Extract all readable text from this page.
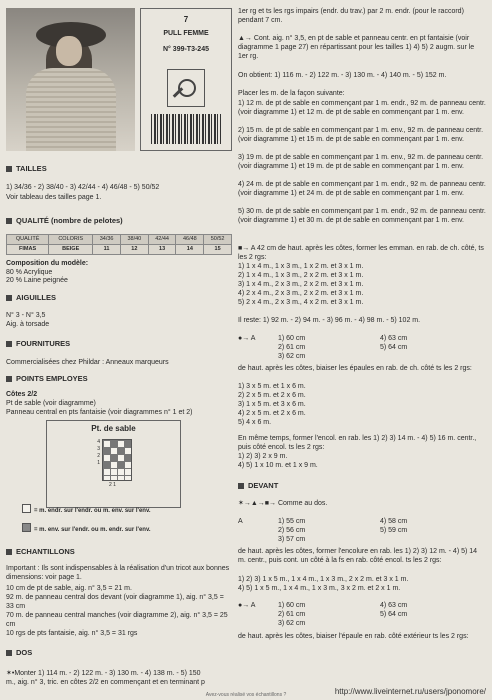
7
PULL FEMME
N° 399-T3-245
TAILLES
1) 34/36 - 2) 38/40 - 3) 42/44 - 4) 46/48 - 5) 50/52
Voir tableau des tailles page 1.
QUALITÉ (nombre de pelotes)
QUALITÉ	COLORIS	34/36	38/40	42/44	46/48	50/52
FIMAS	BEIGE	11	12	13	14	15
Composition du modèle:
80 % Acrylique
20 % Laine peignée
AIGUILLES
N° 3 - N° 3,5
Aig. à torsade
FOURNITURES
Commercialisées chez Phildar : Anneaux marqueurs
POINTS EMPLOYES
Côtes 2/2
Pt de sable (voir diagramme)
Panneau central en pts fantaisie (voir diagrammes n° 1 et 2)
Pt. de sable
4
3
2
1
2 1
= m. endr. sur l'endr. ou m. env. sur l'env.
= m. env. sur l'endr. ou m. endr. sur l'env.
ECHANTILLONS
Important : Ils sont indispensables à la réalisation d'un tricot aux bonnes dimensions: voir page 1.
10 cm de pt de sable, aig. n° 3,5 = 21 m.
92 m. de panneau central dos devant (voir diagramme 1), aig. n° 3,5 = 33 cm
70 m. de panneau central manches (voir diagramme 2), aig. n° 3,5 = 25 cm
10 rgs de pts fantaisie, aig. n° 3,5 = 31 rgs
DOS
✶•Monter 1) 114 m. - 2) 122 m. - 3) 130 m. - 4) 138 m. - 5) 150
m., aig. n° 3, tric. en côtes 2/2 en commençant et en terminant p
1er rg et ts les rgs impairs (endr. du trav.) par 2 m. endr. (pour le raccord) pendant 7 cm.
▲→ Cont. aig. n° 3,5, en pt de sable et panneau centr. en pt fantaisie (voir diagramme 1 page 27) en répartissant pour les tailles 1) 4) 5) 2 augm. sur le 1er rg.
On obtient: 1) 116 m. - 2) 122 m. - 3) 130 m. - 4) 140 m. - 5) 152 m.
Placer les m. de la façon suivante:
1) 12 m. de pt de sable en commençant par 1 m. endr., 92 m. de panneau centr. (voir diagramme 1) et 12 m. de pt de sable en commençant par 1 m. env.
2) 15 m. de pt de sable en commençant par 1 m. env., 92 m. de panneau centr. (voir diagramme 1) et 15 m. de pt de sable en commençant par 1 m. env.
3) 19 m. de pt de sable en commençant par 1 m. env., 92 m. de panneau centr. (voir diagramme 1) et 19 m. de pt de sable en commençant par 1 m. env.
4) 24 m. de pt de sable en commençant par 1 m. endr., 92 m. de panneau centr. (voir diagramme 1) et 24 m. de pt de sable en commençant par 1 m. env.
5) 30 m. de pt de sable en commençant par 1 m. endr., 92 m. de panneau centr. (voir diagramme 1) et 30 m. de pt de sable en commençant par 1 m. env.
■→ A 42 cm de haut. après les côtes, former les emman. en rab. de ch. côté, ts les 2 rgs:
1) 1 x 4 m., 1 x 3 m., 1 x 2 m. et 3 x 1 m.
2) 1 x 4 m., 1 x 3 m., 2 x 2 m. et 3 x 1 m.
3) 1 x 4 m., 2 x 3 m., 2 x 2 m. et 3 x 1 m.
4) 2 x 4 m., 2 x 3 m., 2 x 2 m. et 3 x 1 m.
5) 2 x 4 m., 2 x 3 m., 4 x 2 m. et 3 x 1 m.
Il reste: 1) 92 m. - 2) 94 m. - 3) 96 m. - 4) 98 m. - 5) 102 m.
●→ A	1) 60 cm
2) 61 cm
3) 62 cm
4) 63 cm
5) 64 cm
de haut. après les côtes, biaiser les épaules en rab. de ch. côté ts les 2 rgs:
1) 3 x 5 m. et 1 x 6 m.
2) 2 x 5 m. et 2 x 6 m.
3) 1 x 5 m. et 3 x 6 m.
4) 2 x 5 m. et 2 x 6 m.
5) 4 x 6 m.
En même temps, former l'encol. en rab. les 1) 2) 3) 14 m. - 4) 5) 16 m. centr., puis côté encol. ts les 2 rgs:
1) 2) 3) 2 x 9 m.
4) 5) 1 x 10 m. et 1 x 9 m.
DEVANT
✶→▲→■→ Comme au dos.
A	1) 55 cm
2) 56 cm
3) 57 cm
4) 58 cm
5) 59 cm
de haut. après les côtes, former l'encolure en rab. les 1) 2) 3) 12 m. - 4) 5) 14 m. centr., puis cont. un côté à la fs en rab. côté encol. ts les 2 rgs:
1) 2) 3) 1 x 5 m., 1 x 4 m., 1 x 3 m., 2 x 2 m. et 3 x 1 m.
4) 5) 1 x 5 m., 1 x 4 m., 1 x 3 m., 3 x 2 m. et 2 x 1 m.
●→ A	1) 60 cm
2) 61 cm
3) 62 cm
4) 63 cm
5) 64 cm
de haut. après les côtes, biaiser l'épaule en rab. côté extérieur ts les 2 rgs:
Avez-vous réalisé vos échantillons ?	http://www.liveinternet.ru/users/jponomore/
